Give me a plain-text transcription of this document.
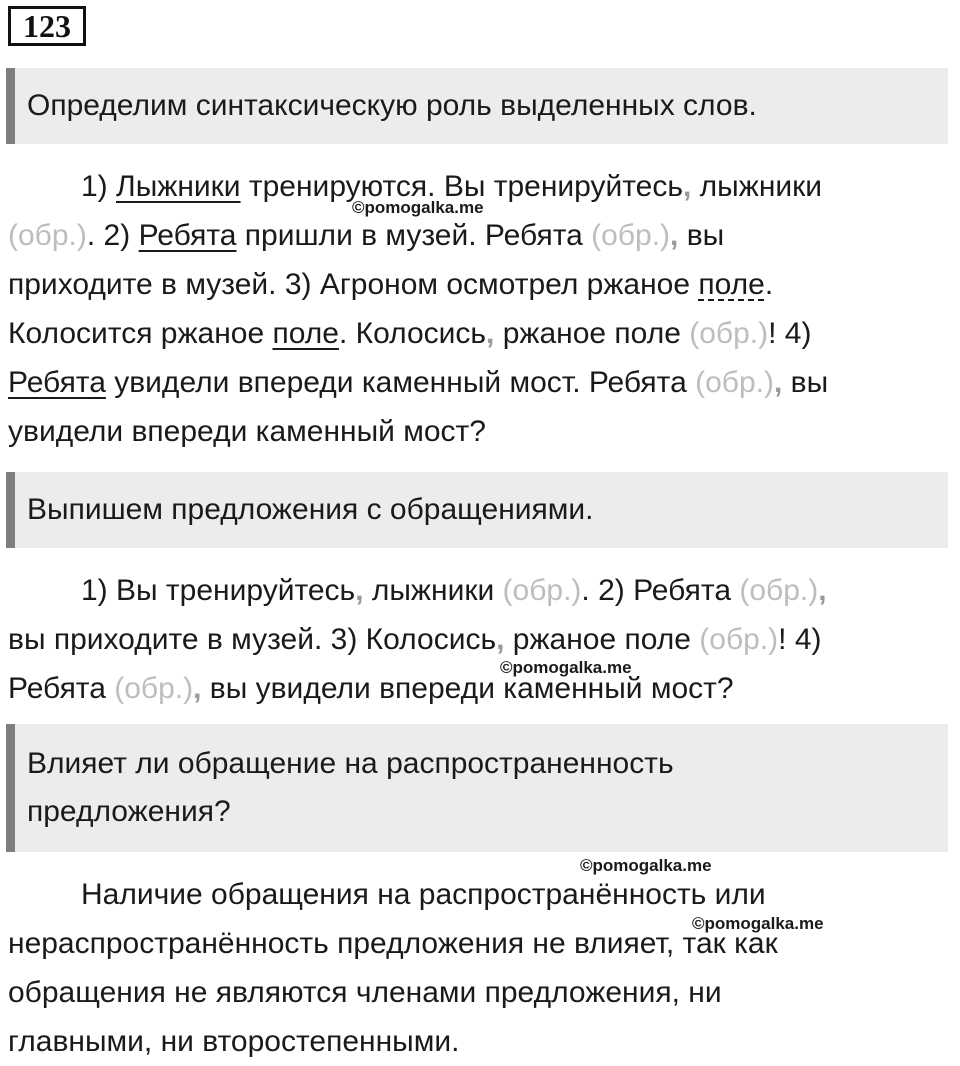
123
Определим синтаксическую роль выделенных слов.
1) Лыжники тренируются. Вы тренируйтесь, лыжники
(обр.). 2) Ребята пришли в музей. Ребята (обр.), вы
приходите в музей. 3) Агроном осмотрел ржаное поле.
Колосится ржаное поле. Колосись, ржаное поле (обр.)! 4)
Ребята увидели впереди каменный мост. Ребята (обр.), вы
увидели впереди каменный мост?
Выпишем предложения с обращениями.
1) Вы тренируйтесь, лыжники (обр.). 2) Ребята (обр.),
вы приходите в музей. 3) Колосись, ржаное поле (обр.)! 4)
Ребята (обр.), вы увидели впереди каменный мост?
Влияет ли обращение на распространенность
предложения?
Наличие обращения на распространённость или
нераспространённость предложения не влияет, так как
обращения не являются членами предложения, ни
главными, ни второстепенными.
©pomogalka.me
©pomogalka.me
©pomogalka.me
©pomogalka.me
